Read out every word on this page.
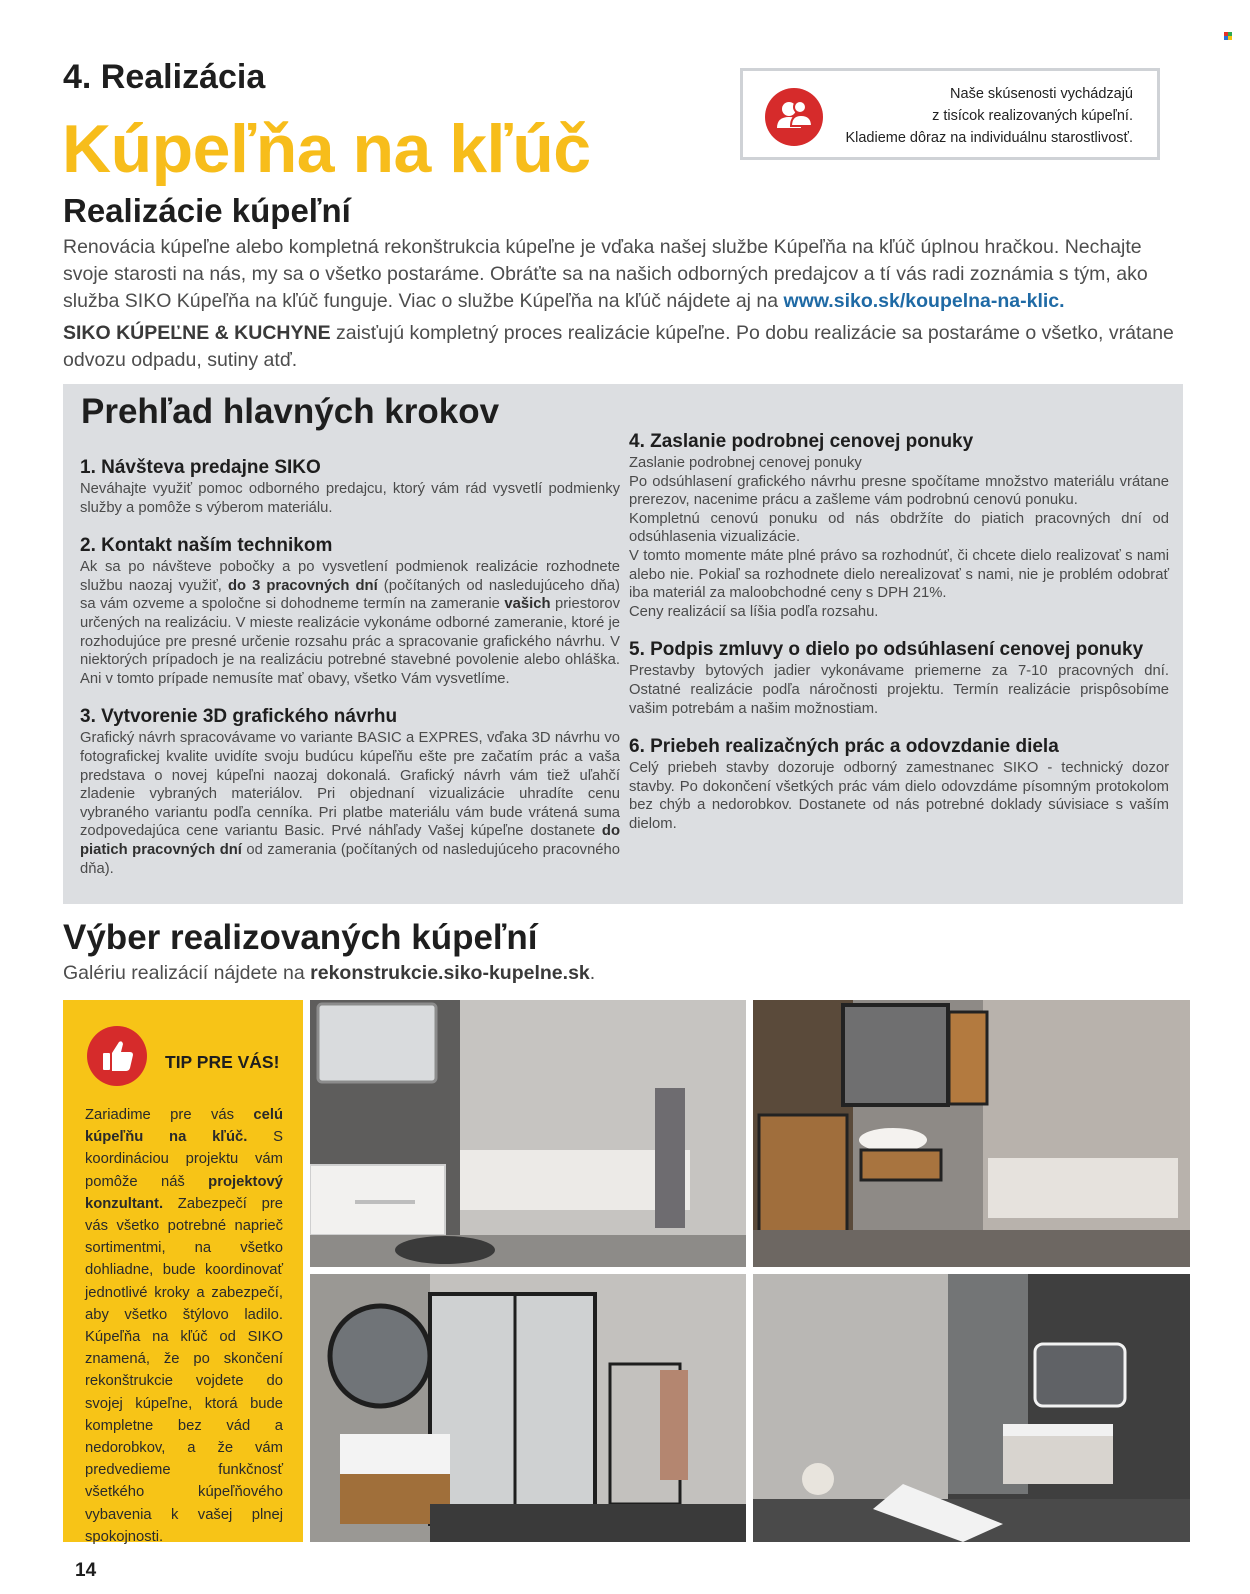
4. Realizácia
Kúpeľňa na kľúč
Realizácie kúpeľní
Naše skúsenosti vychádzajú
z tisícok realizovaných kúpeľní.
Kladieme dôraz na individuálnu starostlivosť.

Renovácia kúpeľne alebo kompletná rekonštrukcia kúpeľne je vďaka našej službe Kúpeľňa na kľúč úplnou hračkou. Nechajte svoje starosti na nás, my sa o všetko postaráme. Obráťte sa na našich odborných predajcov a tí vás radi zoznámia s tým, ako služba SIKO Kúpeľňa na kľúč funguje. Viac o službe Kúpeľňa na kľúč nájdete aj na www.siko.sk/koupelna-na-klic.

SIKO KÚPEĽNE & KUCHYNE zaisťujú kompletný proces realizácie kúpeľne. Po dobu realizácie sa postaráme o všetko, vrátane odvozu odpadu, sutiny atď.

Prehľad hlavných krokov
1. Návšteva predajne SIKO

Neváhajte využiť pomoc odborného predajcu, ktorý vám rád vysvetlí podmienky služby a pomôže s výberom materiálu.

2. Kontakt naším technikom

Ak sa po návšteve pobočky a po vysvetlení podmienok realizácie rozhodnete službu naozaj využiť, do 3 pracovných dní (počítaných od nasledujúceho dňa) sa vám ozveme a spoločne si dohodneme termín na zameranie vašich priestorov určených na realizáciu. V mieste realizácie vykonáme odborné zameranie, ktoré je rozhodujúce pre presné určenie rozsahu prác a spracovanie grafického návrhu. V niektorých prípadoch je na realizáciu potrebné stavebné povolenie alebo ohláška. Ani v tomto prípade nemusíte mať obavy, všetko Vám vysvetlíme.

3. Vytvorenie 3D grafického návrhu

Grafický návrh spracovávame vo variante BASIC a EXPRES, vďaka 3D návrhu vo fotografickej kvalite uvidíte svoju budúcu kúpeľňu ešte pre začatím prác a vaša predstava o novej kúpeľni naozaj dokonalá. Grafický návrh vám tiež uľahčí zladenie vybraných materiálov. Pri objednaní vizualizácie uhradíte cenu vybraného variantu podľa cenníka. Pri platbe materiálu vám bude vrátená suma zodpovedajúca cene variantu Basic. Prvé náhľady Vašej kúpeľne dostanete do piatich pracovných dní od zamerania (počítaných od nasledujúceho pracovného dňa).

4. Zaslanie podrobnej cenovej ponuky

Zaslanie podrobnej cenovej ponuky

Po odsúhlasení grafického návrhu presne spočítame množstvo materiálu vrátane prerezov, nacenime prácu a zašleme vám podrobnú cenovú ponuku.

Kompletnú cenovú ponuku od nás obdržíte do piatich pracovných dní od odsúhlasenia vizualizácie.

V tomto momente máte plné právo sa rozhodnúť, či chcete dielo realizovať s nami alebo nie. Pokiaľ sa rozhodnete dielo nerealizovať s nami, nie je problém odobrať iba materiál za maloobchodné ceny s DPH 21%.

Ceny realizácií sa líšia podľa rozsahu.

5. Podpis zmluvy o dielo po odsúhlasení cenovej ponuky

Prestavby bytových jadier vykonávame priemerne za 7-10 pracovných dní. Ostatné realizácie podľa náročnosti projektu. Termín realizácie prispôsobíme vašim potrebám a našim možnostiam.

6. Priebeh realizačných prác a odovzdanie diela

Celý priebeh stavby dozoruje odborný zamestnanec SIKO - technický dozor stavby. Po dokončení všetkých prác vám dielo odovzdáme písomným protokolom bez chýb a nedorobkov. Dostanete od nás potrebné doklady súvisiace s vaším dielom.

Výber realizovaných kúpeľní

Galériu realizácií nájdete na rekonstrukcie.siko-kupelne.sk.

TIP PRE VÁS!
Zariadime pre vás celú kúpeľňu na kľúč. S koordináciou projektu vám pomôže náš projektový konzultant. Zabezpečí pre vás všetko potrebné naprieč sortimentmi, na všetko dohliadne, bude koordinovať jednotlivé kroky a zabezpečí, aby všetko štýlovo ladilo. Kúpeľňa na kľúč od SIKO znamená, že po skončení rekonštrukcie vojdete do svojej kúpeľne, ktorá bude kompletne bez vád a nedorobkov, a že vám predvedieme funkčnosť všetkého kúpeľňového vybavenia k vašej plnej spokojnosti.

14
